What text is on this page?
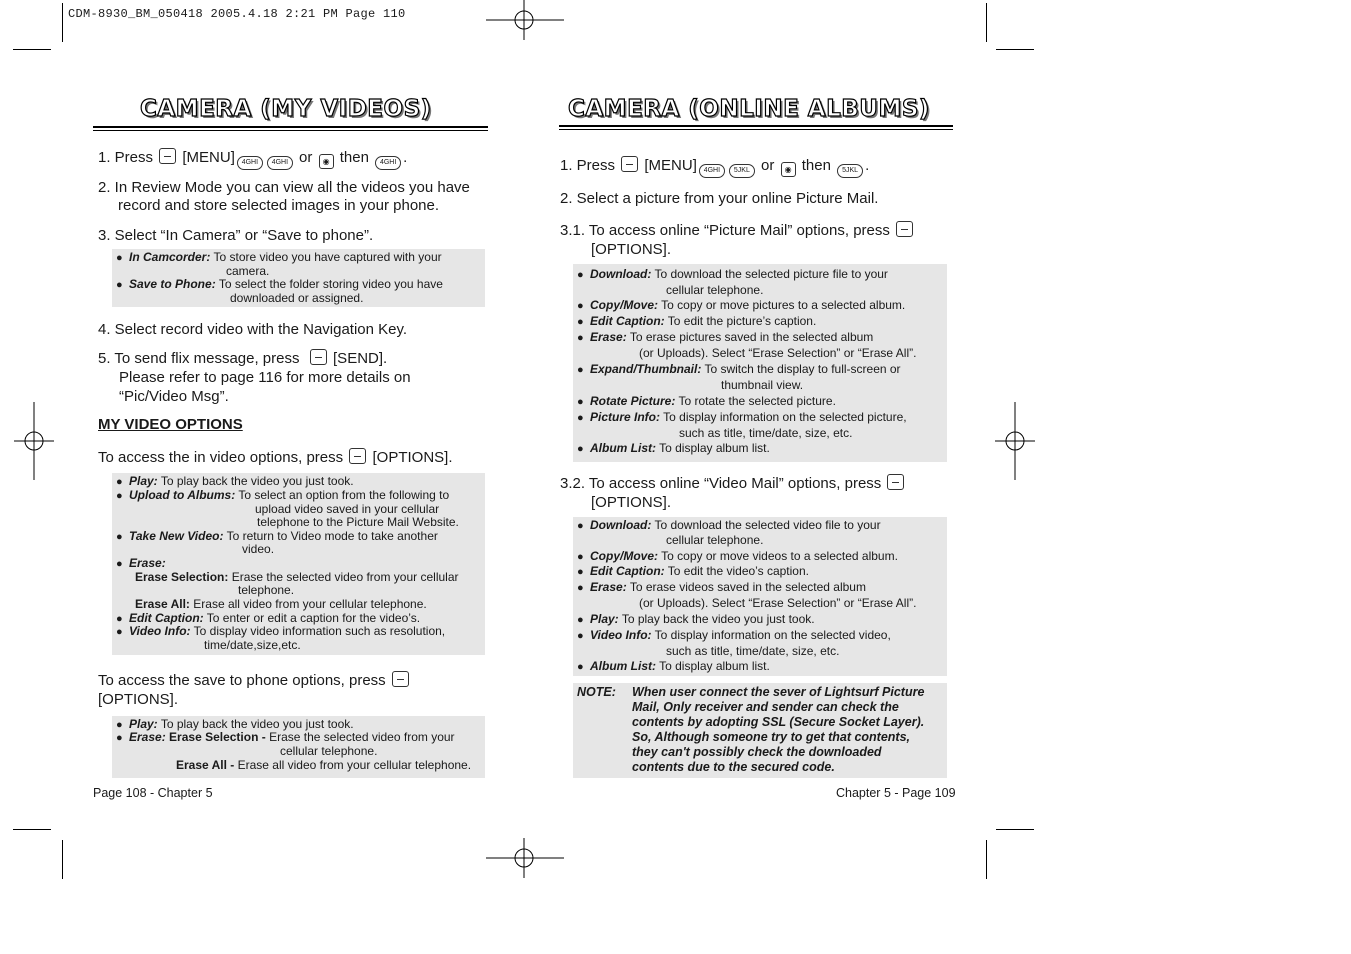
CDM-8930_BM_050418 2005.4.18 2:21 PM Page 110
CAMERA (MY VIDEOS)
1. Press [MENU] 4GHI 4GHI or ◉ then 4GHI .
2. In Review Mode you can view all the videos you have
record and store selected images in your phone.
3. Select “In Camera” or “Save to phone”.
● In Camcorder: To store video you have captured with your
camera.
● Save to Phone: To select the folder storing video you have
downloaded or assigned.
4. Select record video with the Navigation Key.
5. To send flix message, press [SEND].
Please refer to page 116 for more details on
“Pic/Video Msg”.
MY VIDEO OPTIONS
To access the in video options, press [OPTIONS].
● Play: To play back the video you just took.
● Upload to Albums: To select an option from the following to
upload video saved in your cellular
telephone to the Picture Mail Website.
● Take New Video: To return to Video mode to take another
video.
● Erase:
Erase Selection: Erase the selected video from your cellular
telephone.
Erase All: Erase all video from your cellular telephone.
● Edit Caption: To enter or edit a caption for the video’s.
● Video Info: To display video information such as resolution,
time/date,size,etc.
To access the save to phone options, press
[OPTIONS].
● Play: To play back the video you just took.
● Erase: Erase Selection - Erase the selected video from your
cellular telephone.
Erase All - Erase all video from your cellular telephone.
Page 108 - Chapter 5
CAMERA (ONLINE ALBUMS)
1. Press [MENU] 4GHI 5JKL or ◉ then 5JKL .
2. Select a picture from your online Picture Mail.
3.1. To access online “Picture Mail” options, press
[OPTIONS].
● Download: To download the selected picture file to your
cellular telephone.
● Copy/Move: To copy or move pictures to a selected album.
● Edit Caption: To edit the picture’s caption.
● Erase: To erase pictures saved in the selected album
(or Uploads). Select “Erase Selection” or “Erase All”.
● Expand/Thumbnail: To switch the display to full-screen or
thumbnail view.
● Rotate Picture: To rotate the selected picture.
● Picture Info: To display information on the selected picture,
such as title, time/date, size, etc.
● Album List: To display album list.
3.2. To access online “Video Mail” options, press
[OPTIONS].
● Download: To download the selected video file to your
cellular telephone.
● Copy/Move: To copy or move videos to a selected album.
● Edit Caption: To edit the video’s caption.
● Erase: To erase videos saved in the selected album
(or Uploads). Select “Erase Selection” or “Erase All”.
● Play: To play back the video you just took.
● Video Info: To display information on the selected video,
such as title, time/date, size, etc.
● Album List: To display album list.
NOTE: When user connect the sever of Lightsurf Picture
Mail, Only receiver and sender can check the
contents by adopting SSL (Secure Socket Layer).
So, Although someone try to get that contents,
they can't possibly check the downloaded
contents due to the secured code.
Chapter 5 - Page 109
